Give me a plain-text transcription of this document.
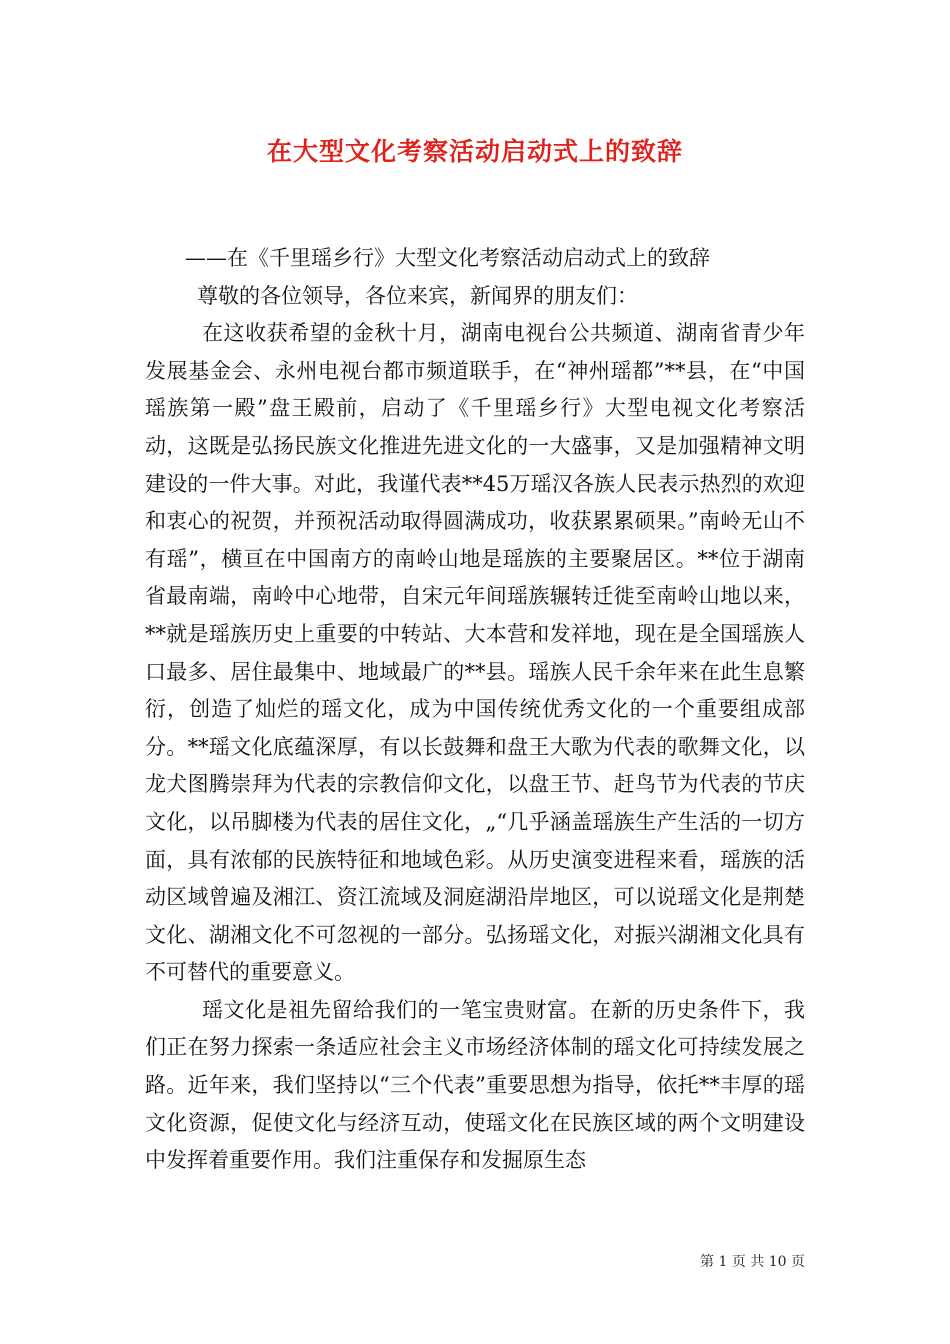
在大型文化考察活动启动式上的致辞

——在《千里瑶乡行》大型文化考察活动启动式上的致辞

尊敬的各位领导，各位来宾，新闻界的朋友们：

在这收获希望的金秋十月，湖南电视台公共频道、湖南省青少年发展基金会、永州电视台都市频道联手，在“神州瑶都”**县，在“中国瑶族第一殿”盘王殿前，启动了《千里瑶乡行》大型电视文化考察活动，这既是弘扬民族文化推进先进文化的一大盛事，又是加强精神文明建设的一件大事。对此，我谨代表**45万瑶汉各族人民表示热烈的欢迎和衷心的祝贺，并预祝活动取得圆满成功，收获累累硕果。”南岭无山不有瑶”，横亘在中国南方的南岭山地是瑶族的主要聚居区。**位于湖南省最南端，南岭中心地带，自宋元年间瑶族辗转迁徙至南岭山地以来，**就是瑶族历史上重要的中转站、大本营和发祥地，现在是全国瑶族人口最多、居住最集中、地域最广的**县。瑶族人民千余年来在此生息繁衍，创造了灿烂的瑶文化，成为中国传统优秀文化的一个重要组成部分。**瑶文化底蕴深厚，有以长鼓舞和盘王大歌为代表的歌舞文化，以龙犬图腾崇拜为代表的宗教信仰文化，以盘王节、赶鸟节为代表的节庆文化，以吊脚楼为代表的居住文化，„“几乎涵盖瑶族生产生活的一切方面，具有浓郁的民族特征和地域色彩。从历史演变进程来看，瑶族的活动区域曾遍及湘江、资江流域及洞庭湖沿岸地区，可以说瑶文化是荆楚文化、湖湘文化不可忽视的一部分。弘扬瑶文化，对振兴湖湘文化具有不可替代的重要意义。

瑶文化是祖先留给我们的一笔宝贵财富。在新的历史条件下，我们正在努力探索一条适应社会主义市场经济体制的瑶文化可持续发展之路。近年来，我们坚持以“三个代表”重要思想为指导，依托**丰厚的瑶文化资源，促使文化与经济互动，使瑶文化在民族区域的两个文明建设中发挥着重要作用。我们注重保存和发掘原生态

第 1 页 共 10 页
